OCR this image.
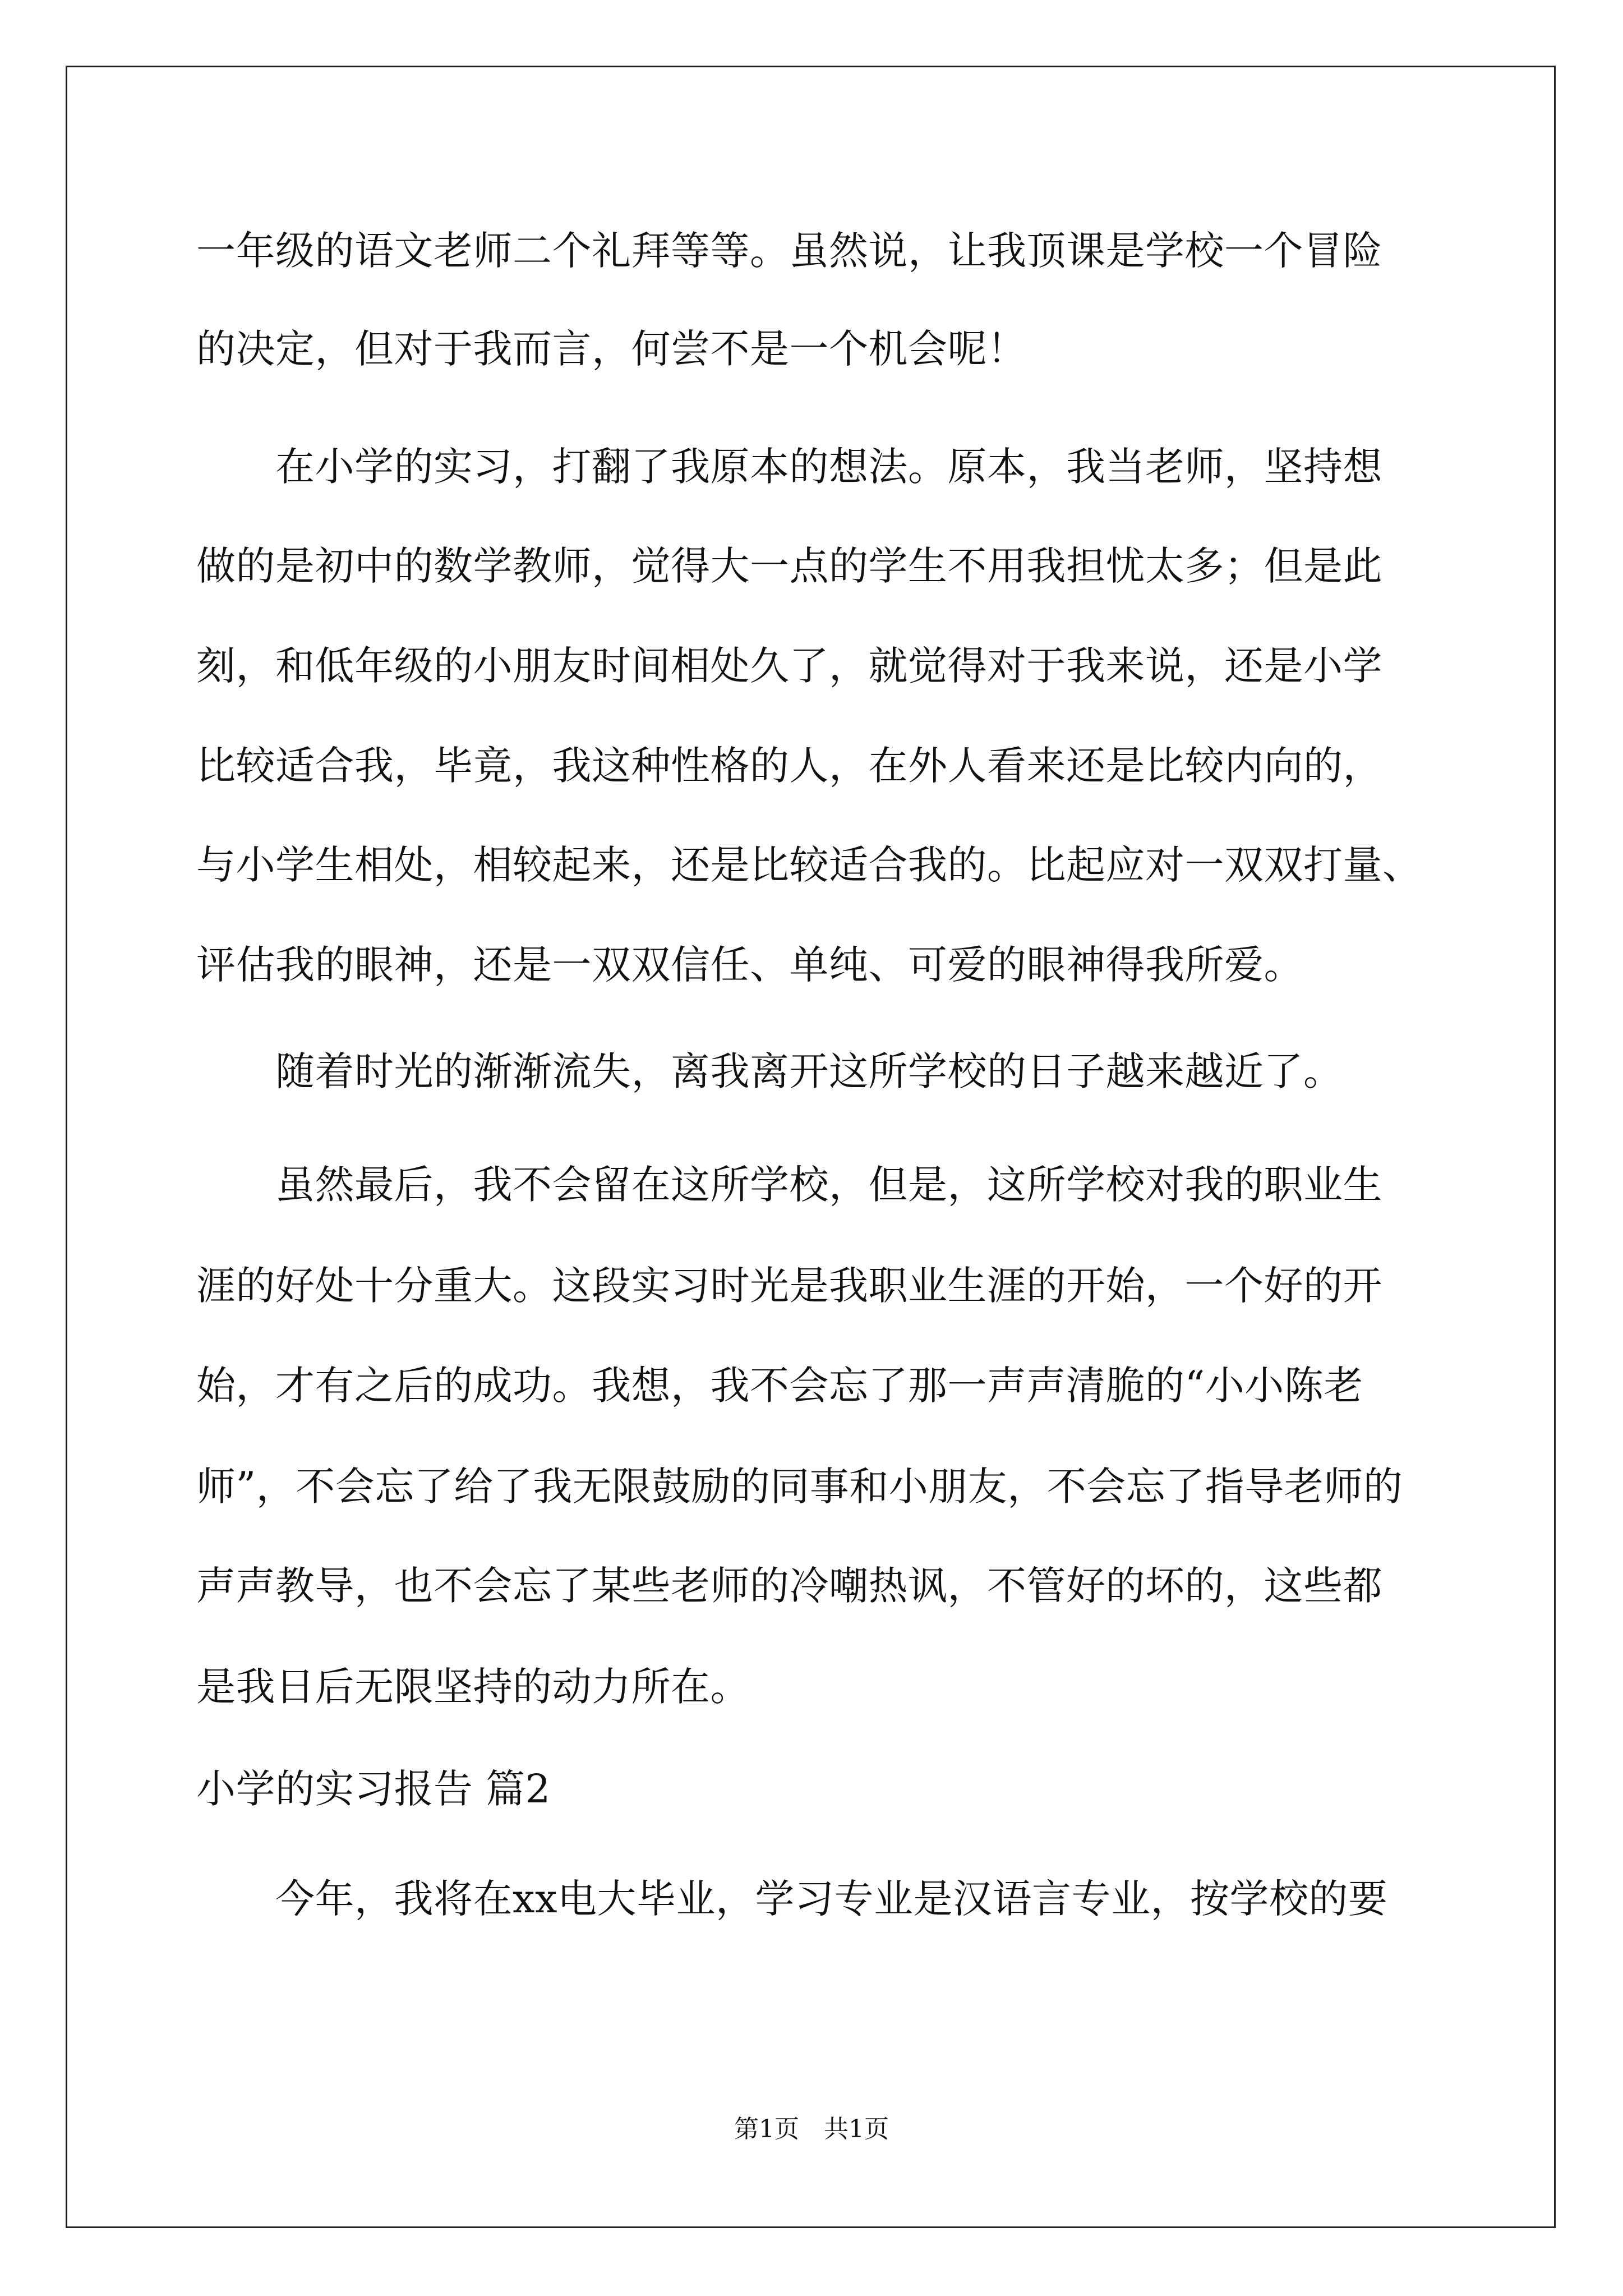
一年级的语文老师二个礼拜等等。虽然说，让我顶课是学校一个冒险
的决定，但对于我而言，何尝不是一个机会呢！
　　在小学的实习，打翻了我原本的想法。原本，我当老师，坚持想
做的是初中的数学教师，觉得大一点的学生不用我担忧太多；但是此
刻，和低年级的小朋友时间相处久了，就觉得对于我来说，还是小学
比较适合我，毕竟，我这种性格的人，在外人看来还是比较内向的，
与小学生相处，相较起来，还是比较适合我的。比起应对一双双打量、
评估我的眼神，还是一双双信任、单纯、可爱的眼神得我所爱。
　　随着时光的渐渐流失，离我离开这所学校的日子越来越近了。
　　虽然最后，我不会留在这所学校，但是，这所学校对我的职业生
涯的好处十分重大。这段实习时光是我职业生涯的开始，一个好的开
始，才有之后的成功。我想，我不会忘了那一声声清脆的“小小陈老
师”，不会忘了给了我无限鼓励的同事和小朋友，不会忘了指导老师的
声声教导，也不会忘了某些老师的冷嘲热讽，不管好的坏的，这些都
是我日后无限坚持的动力所在。
小学的实习报告 篇2
　　今年，我将在xx电大毕业，学习专业是汉语言专业，按学校的要
第1页　共1页
